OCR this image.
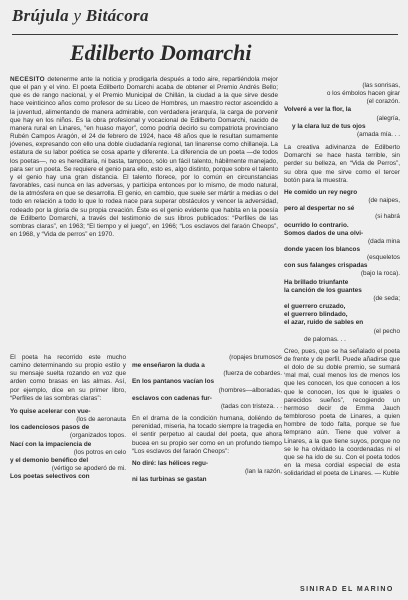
Brújula y Bitácora
Edilberto Domarchi

NECESITO detenerme ante la noticia y prodigarla después a todo aire, repartiéndola mejor que el pan y el vino. El poeta Edilberto Domarchi acaba de obtener el Premio Andrés Bello; que es de rango nacional, y el Premio Municipal de Chillán, la ciudad a la que sirve desde hace veinticinco años como profesor de su Liceo de Hombres, un maestro rector ascendido a la juventud, alimentando de manera admirable, con verdadera jerarquía, la carga de porvenir que hay en los niños. Es la obra profesional y vocacional de Edilberto Domarchi, nacido de manera rural en Linares, “en huaso mayor”, como podría decirlo su compatriota provinciano Rubén Campos Aragón, el 24 de febrero de 1924, hace 48 años que le resultan sumamente jóvenes, expresando con ello una doble ciudadanía regional, tan linarense como chillaneja. La estatura de su labor poética se cosa aparte y diferente. La diferencia de un poeta —de todos los poetas—, no es hereditaria, ni basta, tampoco, sólo un fácil talento, hábilmente manejado, para ser un poeta. Se requiere el genio para ello, esto es, algo distinto, porque sobre el talento y el genio hay una gran distancia. El talento florece, por lo común en circunstancias favorables, casi nunca en las adversas, y participa entonces por lo mismo, de modo natural, de la atmósfera en que se desarrolla. El genio, en cambio, que suele ser mártir a medias o del todo en relación a todo lo que lo rodea nace para superar obstáculos y vencer la adversidad, rodeado por la gloria de su propia creación. Éste es el genio evidente que habita en la poesía de Edilberto Domarchi, a través del testimonio de sus libros publicados: “Perfiles de las sombras claras”, en 1963; “El tiempo y el juego”, en 1966; “Los esclavos del faraón Cheops”, en 1968, y “Vida de perros” en 1970.

(las sonrisas,
o los émbolos hacen girar
(el corazón.
Volveré a ver la flor, la
(alegría,
y la clara luz de tus ojos
(amada mía. . .

La creativa adivinanza de Edilberto Domarchi se hace hasta terrible, sin perder su belleza, en “Vida de Perros”, su obra que me sirve como el tercer botón para la muestra.

He comido un rey negro
(de naipes,
pero al despertar no sé
(si habrá
ocurrido lo contrario.
Somos dados de una olvi-
(dada mina
donde yacen los blancos
(esqueletos
con sus falanges crispadas
(bajo la roca).
Ha brillado triunfante
la canción de los guantes
(de seda;
el guerrero cruzado,
el guerrero blindado,
el azar, ruido de sables en
(el pecho
de palomas. . .

Creo, pues, que se ha señalado el poeta de frente y de perfil. Puede añadirse que el dolo de su doble premio, se sumará ‘mal mal, cual menos los de menos los que les conocen, los que conocen a los que le conocen, los que le iguales o parecidos sueños”, recogiendo un hermoso decir de Emma Jauch tembloroso poeta de Linares, a quien hombre de todo falta, porque se fue temprano aún. Tiene que volver a Linares, a la que tiene suyos, porque no se le ha olvidado la coordenadas ni el que se ha ido de su. Con el poeta todos en la mesa cordial especial de esta solidaridad el poeta de Linares. — Kuble

El poeta ha recorrido este mucho camino determinando su propio estilo y su mensaje suelta rozando en voz que arden como brasas en las almas. Así, por ejemplo, dice en su primer libro, “Perfiles de las sombras claras”:

Yo quise acelerar con vue-
(los de aeronauta
los cadenciosos pasos de
(organizados topos.
Nací con la impaciencia de
(los potros en celo
y el demonio benéfico del
(vértigo se apoderó de mi.
Los poetas selectivos con
(ropajes brumosos
me enseñaron la duda a
(fuerza de cobardes.
En los pantanos vacían los
(hombres—alboradas,
esclavos con cadenas fur-
(tadas con tristeza. . .

En el drama de la condición humana, doliéndo de perenidad, miseria, ha tocado siempre la tragedia en el sentir perpetuo al caudal del poeta, que ahora bucea en su propio ser como en un profundo tiempo “Los esclavos del faraón Cheops”:

No diré: las hélices regu-
(lan la razón,
ni las turbinas se gastan
SINIRAD EL MARINO
